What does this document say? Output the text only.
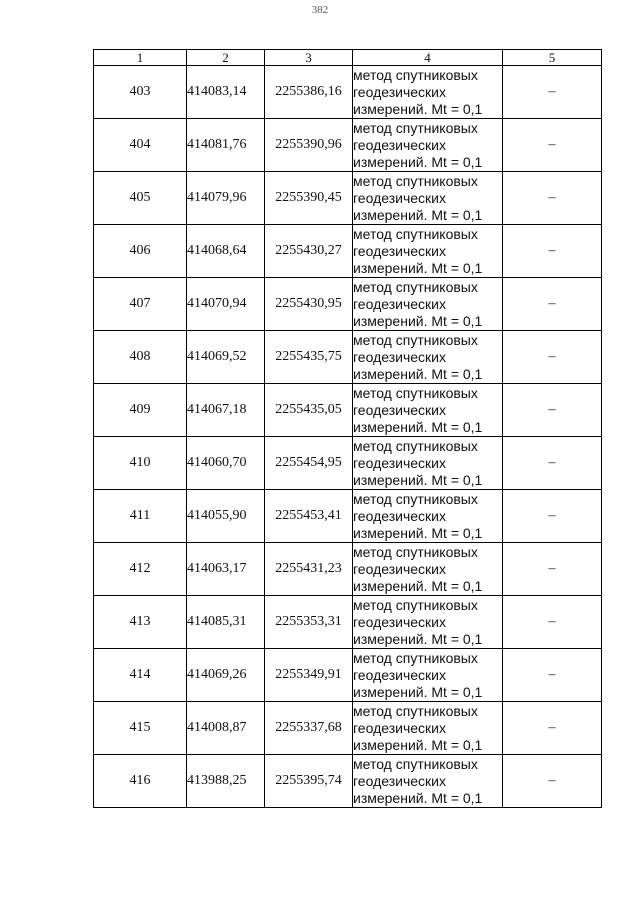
382
1	2	3	4	5
403	414083,14	2255386,16	метод спутниковых
геодезических
измерений. Mt = 0,1	–
404	414081,76	2255390,96	метод спутниковых
геодезических
измерений. Mt = 0,1	–
405	414079,96	2255390,45	метод спутниковых
геодезических
измерений. Mt = 0,1	–
406	414068,64	2255430,27	метод спутниковых
геодезических
измерений. Mt = 0,1	–
407	414070,94	2255430,95	метод спутниковых
геодезических
измерений. Mt = 0,1	–
408	414069,52	2255435,75	метод спутниковых
геодезических
измерений. Mt = 0,1	–
409	414067,18	2255435,05	метод спутниковых
геодезических
измерений. Mt = 0,1	–
410	414060,70	2255454,95	метод спутниковых
геодезических
измерений. Mt = 0,1	–
411	414055,90	2255453,41	метод спутниковых
геодезических
измерений. Mt = 0,1	–
412	414063,17	2255431,23	метод спутниковых
геодезических
измерений. Mt = 0,1	–
413	414085,31	2255353,31	метод спутниковых
геодезических
измерений. Mt = 0,1	–
414	414069,26	2255349,91	метод спутниковых
геодезических
измерений. Mt = 0,1	–
415	414008,87	2255337,68	метод спутниковых
геодезических
измерений. Mt = 0,1	–
416	413988,25	2255395,74	метод спутниковых
геодезических
измерений. Mt = 0,1	–
